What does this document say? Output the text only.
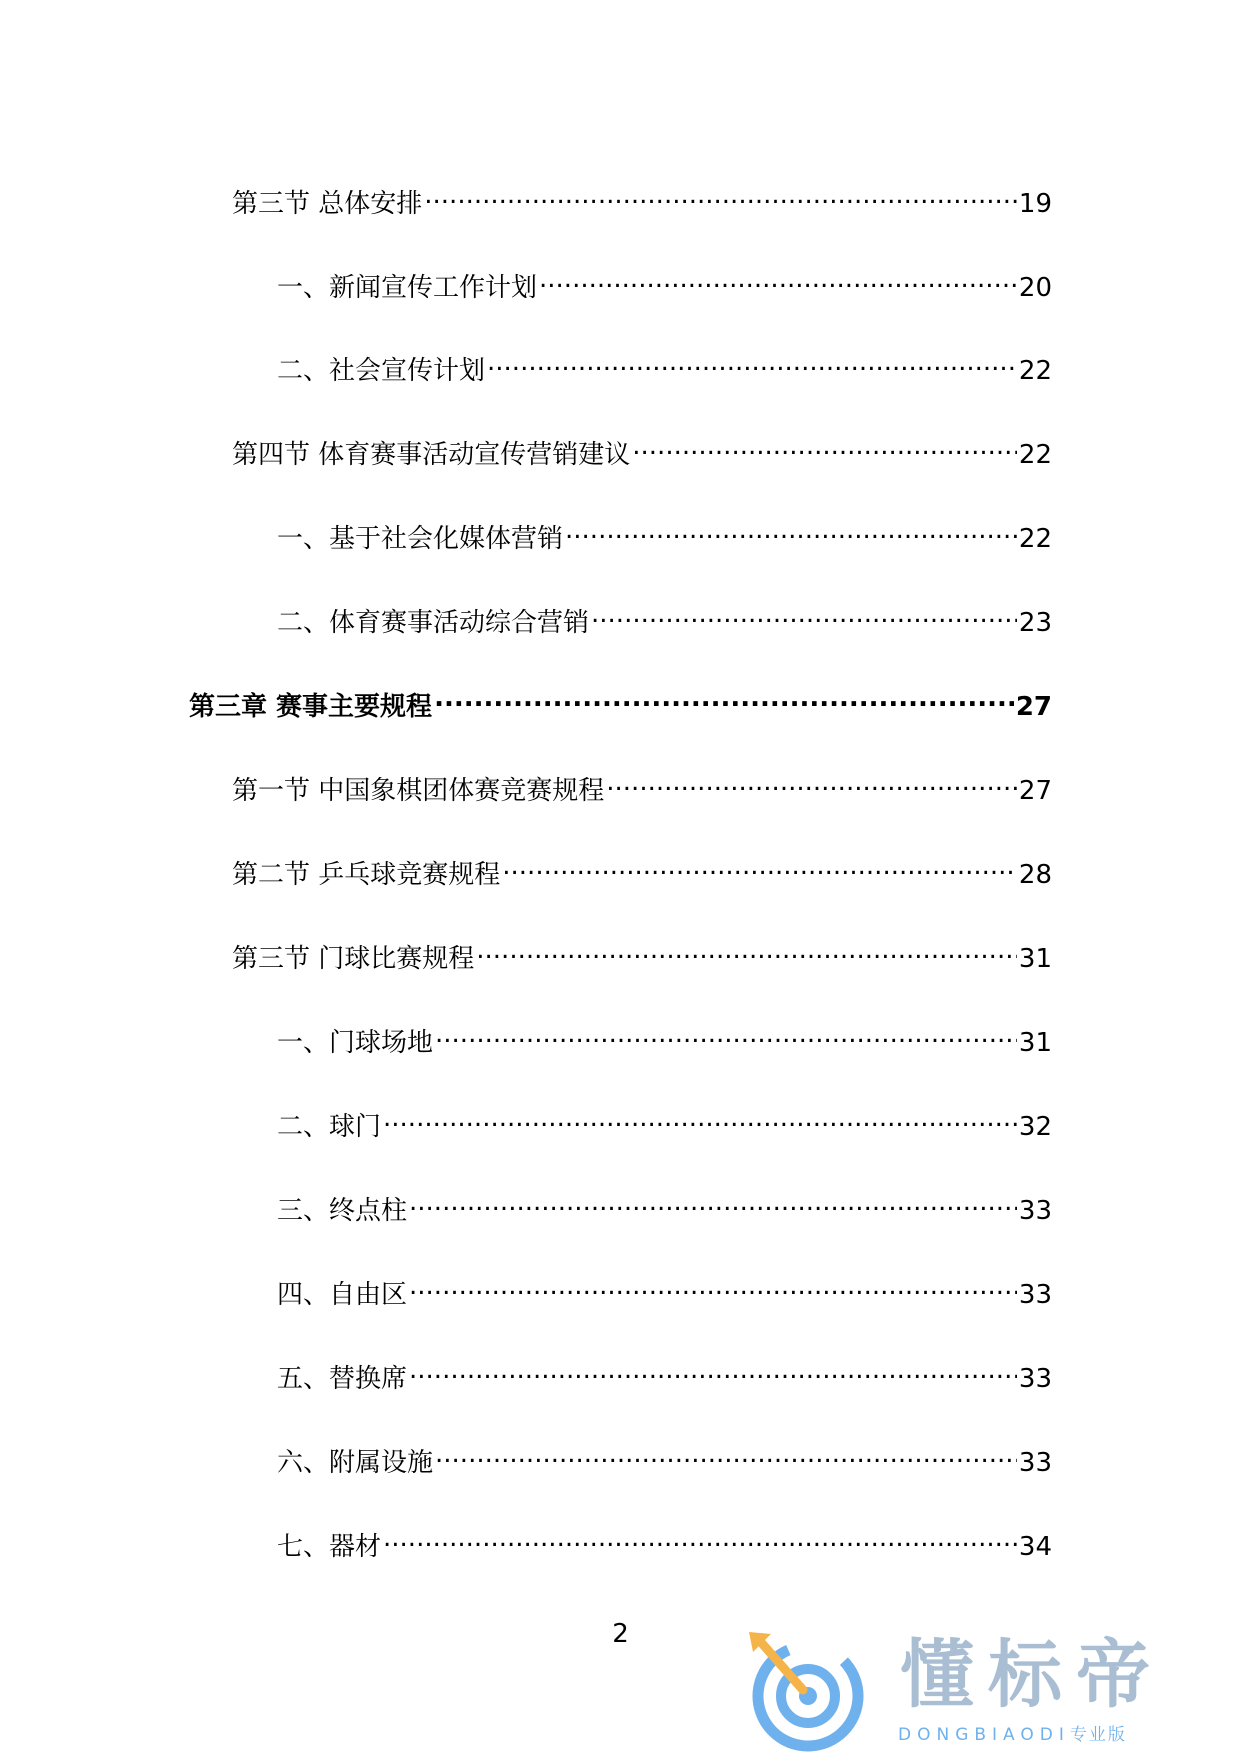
第三节 总体安排 .....	19
一、新闻宣传工作计划 .....	20
二、社会宣传计划 .....	22
第四节 体育赛事活动宣传营销建议 .....	22
一、基于社会化媒体营销 .....	22
二、体育赛事活动综合营销 .....	23
第三章 赛事主要规程 .....	27
第一节 中国象棋团体赛竞赛规程 .....	27
第二节 乒乓球竞赛规程 .....	28
第三节 门球比赛规程 .....	31
一、门球场地 .....	31
二、球门 .....	32
三、终点柱 .....	33
四、自由区 .....	33
五、替换席 .....	33
六、附属设施 .....	33
七、器材 .....	34
2	懂标帝
DONGBIAODI专业版
